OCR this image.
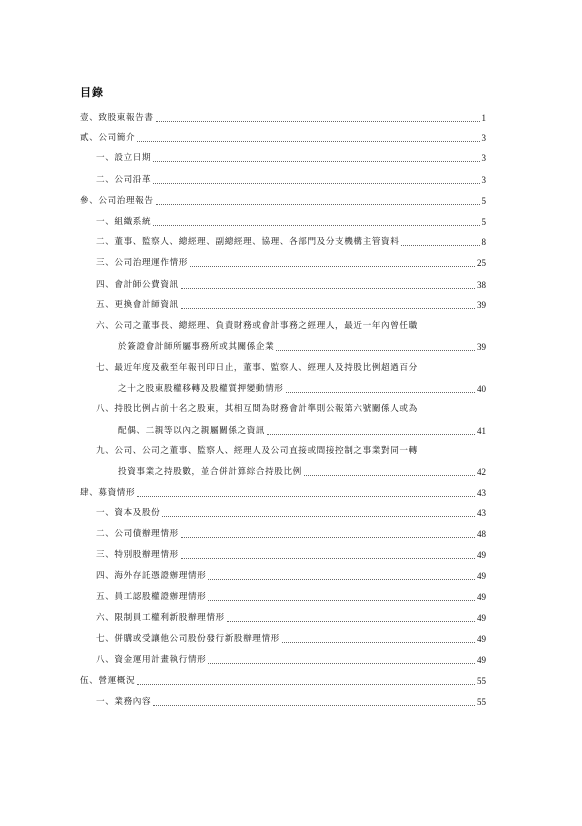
目錄
壹、致股東報告書	1
貳、公司簡介	3
一、設立日期	3
二、公司沿革	3
參、公司治理報告	5
一、組織系統	5
二、董事、監察人、總經理、副總經理、協理、各部門及分支機構主管資料	8
三、公司治理運作情形	25
四、會計師公費資訊	38
五、更換會計師資訊	39
六、公司之董事長、總經理、負責財務或會計事務之經理人，最近一年內曾任職
於簽證會計師所屬事務所或其關係企業	39
七、最近年度及截至年報刊印日止，董事、監察人、經理人及持股比例超過百分
之十之股東股權移轉及股權質押變動情形	40
八、持股比例占前十名之股東，其相互間為財務會計準則公報第六號關係人或為
配偶、二親等以內之親屬關係之資訊	41
九、公司、公司之董事、監察人、經理人及公司直接或間接控制之事業對同一轉
投資事業之持股數，並合併計算綜合持股比例	42
肆、募資情形	43
一、資本及股份	43
二、公司債辦理情形	48
三、特別股辦理情形	49
四、海外存託憑證辦理情形	49
五、員工認股權證辦理情形	49
六、限制員工權利新股辦理情形	49
七、併購或受讓他公司股份發行新股辦理情形	49
八、資金運用計畫執行情形	49
伍、營運概況	55
一、業務內容	55
